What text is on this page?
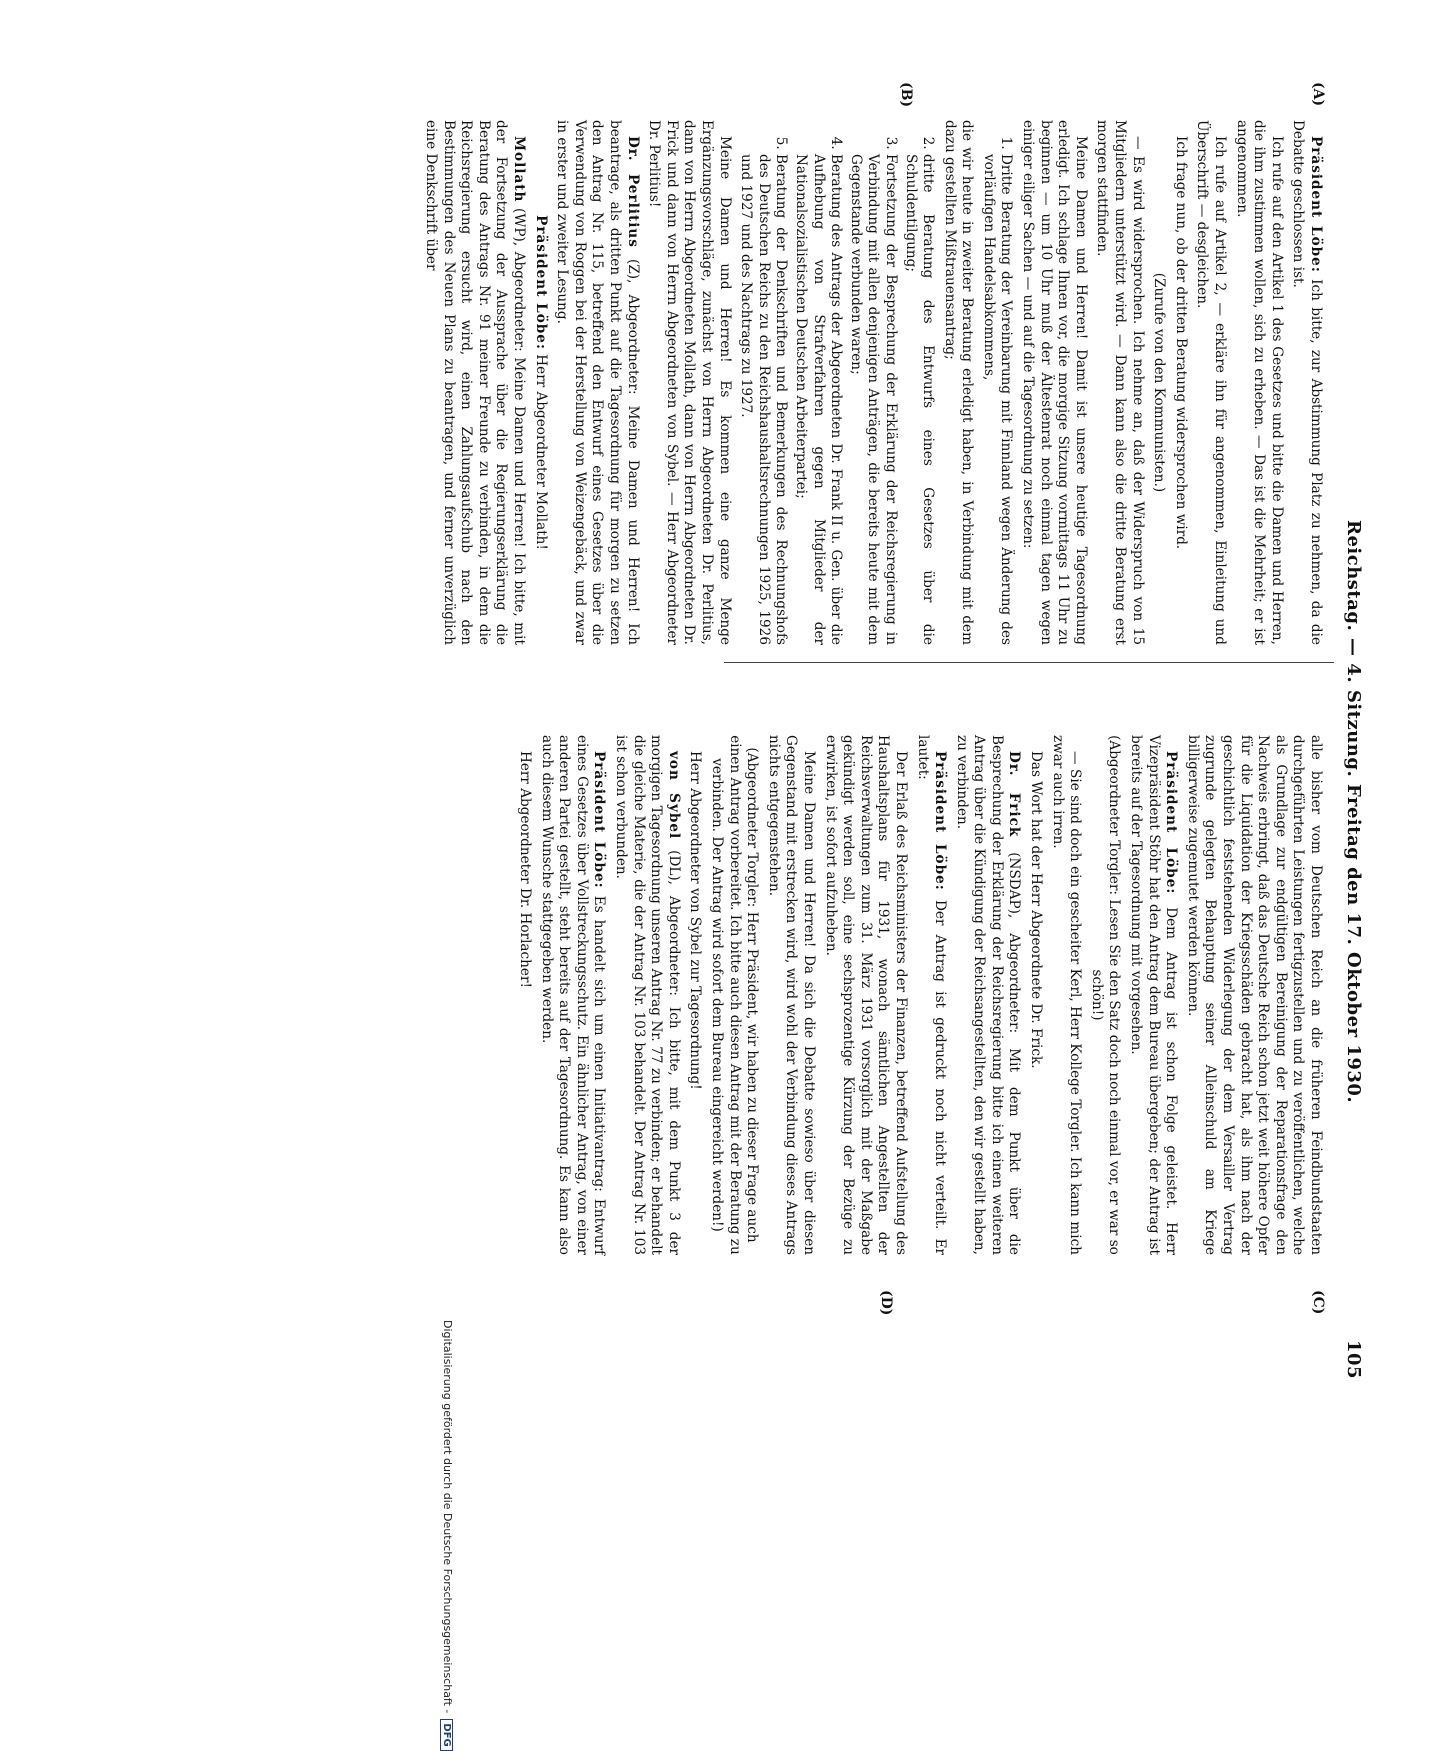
Reichstag. — 4. Sitzung. Freitag den 17. Oktober 1930.
105
(A)
(B)
(C)
(D)

Präsident Löbe: Ich bitte, zur Abstimmung Platz zu nehmen, da die Debatte geschlossen ist.

Ich rufe auf den Artikel 1 des Gesetzes und bitte die Damen und Herren, die ihm zustimmen wollen, sich zu erheben. — Das ist die Mehrheit; er ist angenommen.

Ich rufe auf Artikel 2, — erkläre ihn für angenommen, Einleitung und Überschrift — desgleichen.

Ich frage nun, ob der dritten Beratung widersprochen wird.

(Zurufe von den Kommunisten.)

— Es wird widersprochen. Ich nehme an, daß der Widerspruch von 15 Mitgliedern unterstützt wird. — Dann kann also die dritte Beratung erst morgen stattfinden.

Meine Damen und Herren! Damit ist unsere heutige Tagesordnung erledigt. Ich schlage Ihnen vor, die morgige Sitzung vormittags 11 Uhr zu beginnen — um 10 Uhr muß der Ältestenrat noch einmal tagen wegen einiger eiliger Sachen — und auf die Tagesordnung zu setzen:

1. Dritte Beratung der Vereinbarung mit Finnland wegen Änderung des vorläufigen Handelsabkommens,

die wir heute in zweiter Beratung erledigt haben, in Verbindung mit dem dazu gestellten Mißtrauensantrag;

2. dritte Beratung des Entwurfs eines Gesetzes über die Schuldentilgung;
3. Fortsetzung der Besprechung der Erklärung der Reichsregierung in Verbindung mit allen denjenigen Anträgen, die bereits heute mit dem Gegenstande verbunden waren;
4. Beratung des Antrags der Abgeordneten Dr. Frank II u. Gen. über die Aufhebung von Strafverfahren gegen Mitglieder der Nationalsozialistischen Deutschen Arbeiterpartei;
5. Beratung der Denkschriften und Bemerkungen des Rechnungshofs des Deutschen Reichs zu den Reichshaushaltsrechnungen 1925, 1926 und 1927 und des Nachtrags zu 1927.

Meine Damen und Herren! Es kommen eine ganze Menge Ergänzungsvorschläge, zunächst von Herrn Abgeordneten Dr. Perlitius, dann von Herrn Abgeordneten Mollath, dann von Herrn Abgeordneten Dr. Frick und dann von Herrn Abgeordneten von Sybel. — Herr Abgeordneter Dr. Perlitius!

Dr. Perlitius (Z), Abgeordneter: Meine Damen und Herren! Ich beantrage, als dritten Punkt auf die Tagesordnung für morgen zu setzen den Antrag Nr. 115, betreffend den Entwurf eines Gesetzes über die Verwendung von Roggen bei der Herstellung von Weizengebäck, und zwar in erster und zweiter Lesung.

Präsident Löbe: Herr Abgeordneter Mollath!

Mollath (WP), Abgeordneter: Meine Damen und Herren! Ich bitte, mit der Fortsetzung der Aussprache über die Regierungserklärung die Beratung des Antrags Nr. 91 meiner Freunde zu verbinden, in dem die Reichsregierung ersucht wird, einen Zahlungsaufschub nach den Bestimmungen des Neuen Plans zu beantragen, und ferner unverzüglich eine Denkschrift über

alle bisher vom Deutschen Reich an die früheren Feindbundstaaten durchgeführten Leistungen fertigzustellen und zu veröffentlichen, welche als Grundlage zur endgültigen Bereinigung der Reparationsfrage den Nachweis erbringt, daß das Deutsche Reich schon jetzt weit höhere Opfer für die Liquidation der Kriegsschäden gebracht hat, als ihm nach der geschichtlich feststehenden Widerlegung der dem Versailler Vertrag zugrunde gelegten Behauptung seiner Alleinschuld am Kriege billigerweise zugemutet werden können.

Präsident Löbe: Dem Antrag ist schon Folge geleistet. Herr Vizepräsident Stöhr hat den Antrag dem Bureau übergeben; der Antrag ist bereits auf der Tagesordnung mit vorgesehen.

(Abgeordneter Torgler: Lesen Sie den Satz doch noch einmal vor, er war so schön!)

— Sie sind doch ein gescheiter Kerl, Herr Kollege Torgler. Ich kann mich zwar auch irren.

Das Wort hat der Herr Abgeordnete Dr. Frick.

Dr. Frick (NSDAP), Abgeordneter: Mit dem Punkt über die Besprechung der Erklärung der Reichsregierung bitte ich einen weiteren Antrag über die Kündigung der Reichsangestellten, den wir gestellt haben, zu verbinden.

Präsident Löbe: Der Antrag ist gedruckt noch nicht verteilt. Er lautet:

Der Erlaß des Reichsministers der Finanzen, betreffend Aufstellung des Haushaltsplans für 1931, wonach sämtlichen Angestellten der Reichsverwaltungen zum 31. März 1931 vorsorglich mit der Maßgabe gekündigt werden soll, eine sechsprozentige Kürzung der Bezüge zu erwirken, ist sofort aufzuheben.

Meine Damen und Herren! Da sich die Debatte sowieso über diesen Gegenstand mit erstrecken wird, wird wohl der Verbindung dieses Antrags nichts entgegenstehen.

(Abgeordneter Torgler: Herr Präsident, wir haben zu dieser Frage auch einen Antrag vorbereitet. Ich bitte auch diesen Antrag mit der Beratung zu verbinden. Der Antrag wird sofort dem Bureau eingereicht werden!)

Herr Abgeordneter von Sybel zur Tagesordnung!

von Sybel (DL), Abgeordneter: Ich bitte, mit dem Punkt 3 der morgigen Tagesordnung unseren Antrag Nr. 77 zu verbinden; er behandelt die gleiche Materie, die der Antrag Nr. 103 behandelt. Der Antrag Nr. 103 ist schon verbunden.

Präsident Löbe: Es handelt sich um einen Initiativantrag: Entwurf eines Gesetzes über Vollstreckungsschutz. Ein ähnlicher Antrag, von einer anderen Partei gestellt, steht bereits auf der Tagesordnung. Es kann also auch diesem Wunsche stattgegeben werden.

Herr Abgeordneter Dr. Horlacher!

Digitalisierung gefördert durch die Deutsche Forschungsgemeinschaft -DFG
